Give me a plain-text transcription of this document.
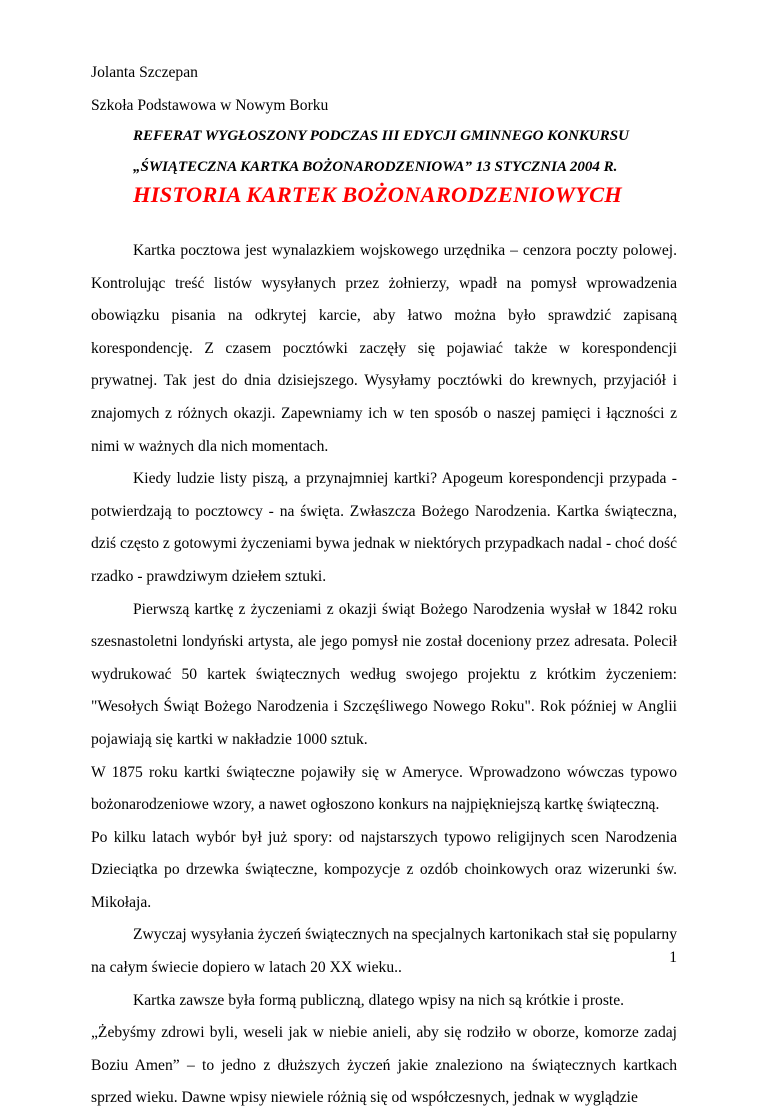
Jolanta Szczepan
Szkoła Podstawowa w Nowym Borku
REFERAT WYGŁOSZONY PODCZAS III EDYCJI GMINNEGO KONKURSU
„ŚWIĄTECZNA KARTKA BOŻONARODZENIOWA” 13 STYCZNIA 2004 R.
HISTORIA KARTEK BOŻONARODZENIOWYCH

Kartka pocztowa jest wynalazkiem wojskowego urzędnika – cenzora poczty polowej. Kontrolując treść listów wysyłanych przez żołnierzy, wpadł na pomysł wprowadzenia obowiązku pisania na odkrytej karcie, aby łatwo można było sprawdzić zapisaną korespondencję. Z czasem pocztówki zaczęły się pojawiać także w korespondencji prywatnej. Tak jest do dnia dzisiejszego. Wysyłamy pocztówki do krewnych, przyjaciół i znajomych z różnych okazji. Zapewniamy ich w ten sposób o naszej pamięci i łączności z nimi w ważnych dla nich momentach.

Kiedy ludzie listy piszą, a przynajmniej kartki? Apogeum korespondencji przypada - potwierdzają to pocztowcy - na święta. Zwłaszcza Bożego Narodzenia. Kartka świąteczna, dziś często z gotowymi życzeniami bywa jednak w niektórych przypadkach nadal - choć dość rzadko - prawdziwym dziełem sztuki.

Pierwszą kartkę z życzeniami z okazji świąt Bożego Narodzenia wysłał w 1842 roku szesnastoletni londyński artysta, ale jego pomysł nie został doceniony przez adresata. Polecił wydrukować 50 kartek świątecznych według swojego projektu z krótkim życzeniem: "Wesołych Świąt Bożego Narodzenia i Szczęśliwego Nowego Roku". Rok później w Anglii pojawiają się kartki w nakładzie 1000 sztuk.

W 1875 roku kartki świąteczne pojawiły się w Ameryce. Wprowadzono wówczas typowo bożonarodzeniowe wzory, a nawet ogłoszono konkurs na najpiękniejszą kartkę świąteczną.

Po kilku latach wybór był już spory: od najstarszych typowo religijnych scen Narodzenia Dzieciątka po drzewka świąteczne, kompozycje z ozdób choinkowych oraz wizerunki św. Mikołaja.

Zwyczaj wysyłania życzeń świątecznych na specjalnych kartonikach stał się popularny na całym świecie dopiero w latach 20 XX wieku..

Kartka zawsze była formą publiczną, dlatego wpisy na nich są krótkie i proste.

„Żebyśmy zdrowi byli, weseli jak w niebie anieli, aby się rodziło w oborze, komorze zadaj Boziu Amen” – to jedno z dłuższych życzeń jakie znaleziono na świątecznych kartkach sprzed wieku. Dawne wpisy niewiele różnią się od współczesnych, jednak w wyglądzie

1
